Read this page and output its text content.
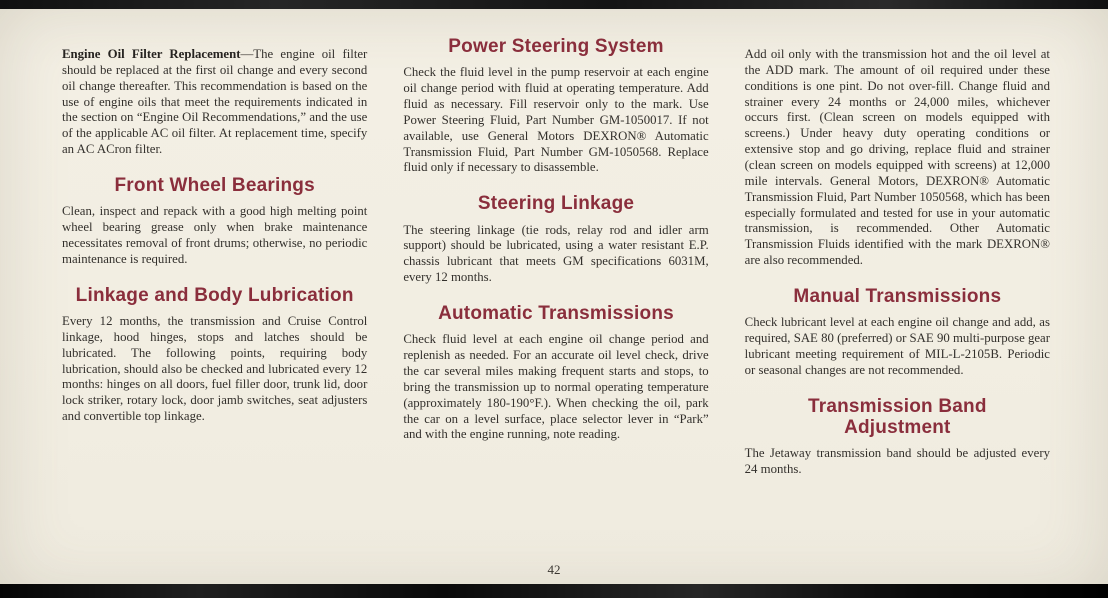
Engine Oil Filter Replacement—The engine oil filter should be replaced at the first oil change and every second oil change thereafter. This recommendation is based on the use of engine oils that meet the requirements indicated in the section on “Engine Oil Recommendations,” and the use of the applicable AC oil filter. At replacement time, specify an AC ACron filter.

Front Wheel Bearings

Clean, inspect and repack with a good high melting point wheel bearing grease only when brake maintenance necessitates removal of front drums; otherwise, no periodic maintenance is required.

Linkage and Body Lubrication

Every 12 months, the transmission and Cruise Control linkage, hood hinges, stops and latches should be lubricated. The following points, requiring body lubrication, should also be checked and lubricated every 12 months: hinges on all doors, fuel filler door, trunk lid, door lock striker, rotary lock, door jamb switches, seat adjusters and convertible top linkage.

Power Steering System

Check the fluid level in the pump reservoir at each engine oil change period with fluid at operating temperature. Add fluid as necessary. Fill reservoir only to the mark. Use Power Steering Fluid, Part Number GM-1050017. If not available, use General Motors DEXRON® Automatic Transmission Fluid, Part Number GM-1050568. Replace fluid only if necessary to disassemble.

Steering Linkage

The steering linkage (tie rods, relay rod and idler arm support) should be lubricated, using a water resistant E.P. chassis lubricant that meets GM specifications 6031M, every 12 months.

Automatic Transmissions

Check fluid level at each engine oil change period and replenish as needed. For an accurate oil level check, drive the car several miles making frequent starts and stops, to bring the transmission up to normal operating temperature (approximately 180-190°F.). When checking the oil, park the car on a level surface, place selector lever in “Park” and with the engine running, note reading.

Add oil only with the transmission hot and the oil level at the ADD mark. The amount of oil required under these conditions is one pint. Do not over-fill. Change fluid and strainer every 24 months or 24,000 miles, whichever occurs first. (Clean screen on models equipped with screens.) Under heavy duty operating conditions or extensive stop and go driving, replace fluid and strainer (clean screen on models equipped with screens) at 12,000 mile intervals. General Motors, DEXRON® Automatic Transmission Fluid, Part Number 1050568, which has been especially formulated and tested for use in your automatic transmission, is recommended. Other Automatic Transmission Fluids identified with the mark DEXRON® are also recommended.

Manual Transmissions

Check lubricant level at each engine oil change and add, as required, SAE 80 (preferred) or SAE 90 multi-purpose gear lubricant meeting requirement of MIL-L-2105B. Periodic or seasonal changes are not recommended.

Transmission Band Adjustment

The Jetaway transmission band should be adjusted every 24 months.

42
